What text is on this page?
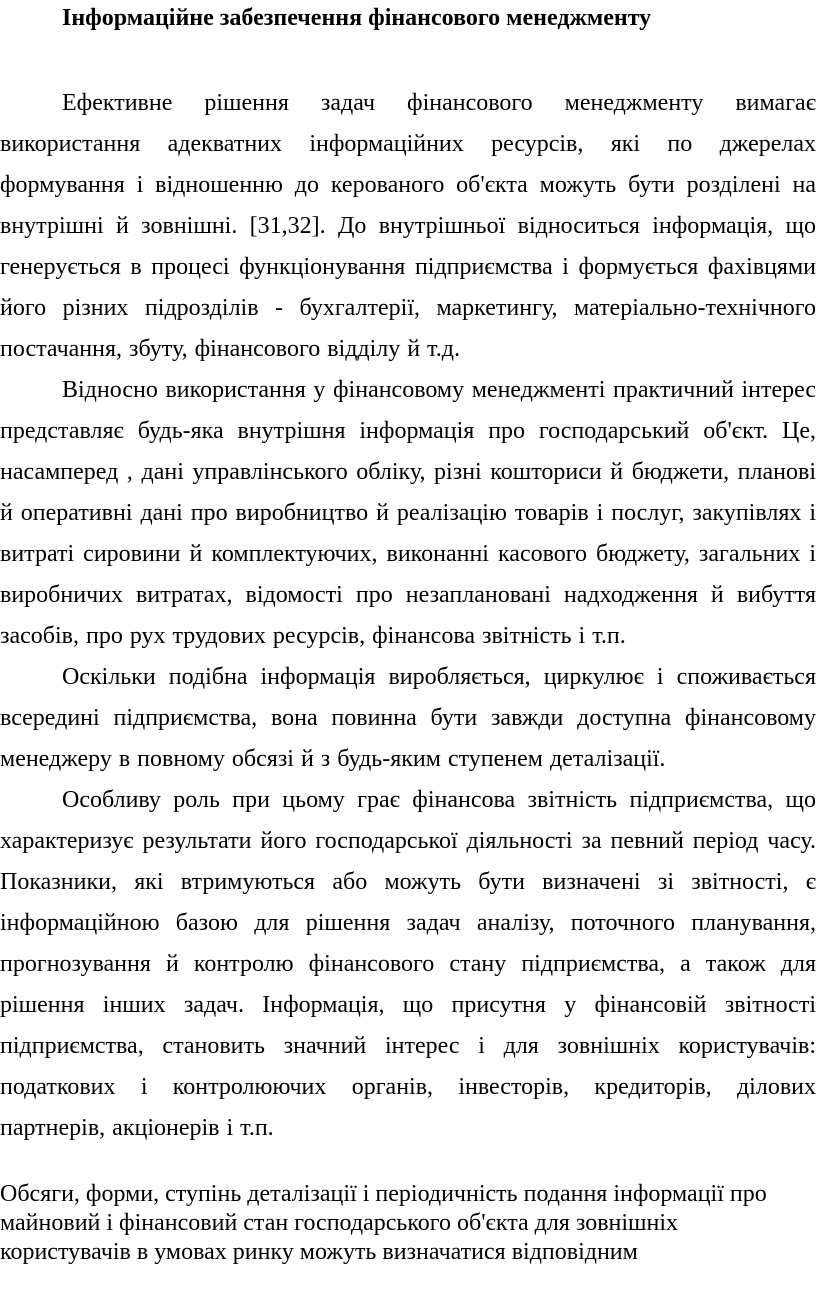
Інформаційне забезпечення фінансового менеджменту

Ефективне рішення задач фінансового менеджменту вимагає використання адекватних інформаційних ресурсів, які по джерелах формування і відношенню до керованого об'єкта можуть бути розділені на внутрішні й зовнішні. [31,32]. До внутрішньої відноситься інформація, що генерується в процесі функціонування підприємства і формується фахівцями його різних підрозділів - бухгалтерії, маркетингу, матеріально-технічного постачання, збуту, фінансового відділу й т.д.

Відносно використання у фінансовому менеджменті практичний інтерес представляє будь-яка внутрішня інформація про господарський об'єкт. Це, насамперед , дані управлінського обліку, різні кошториси й бюджети, планові й оперативні дані про виробництво й реалізацію товарів і послуг, закупівлях і витраті сировини й комплектуючих, виконанні касового бюджету, загальних і виробничих витратах, відомості про незаплановані надходження й вибуття засобів, про рух трудових ресурсів, фінансова звітність і т.п.

Оскільки подібна інформація виробляється, циркулює і споживається всередині підприємства, вона повинна бути завжди доступна фінансовому менеджеру в повному обсязі й з будь-яким ступенем деталізації.

Особливу роль при цьому грає фінансова звітність підприємства, що характеризує результати його господарської діяльності за певний період часу. Показники, які втримуються або можуть бути визначені зі звітності, є інформаційною базою для рішення задач аналізу, поточного планування, прогнозування й контролю фінансового стану підприємства, а також для рішення інших задач. Інформація, що присутня у фінансовій звітності підприємства, становить значний інтерес і для зовнішніх користувачів: податкових і контролюючих органів, інвесторів, кредиторів, ділових партнерів, акціонерів і т.п.

Обсяги, форми, ступінь деталізації і періодичність подання інформації про

майновий і фінансовий стан господарського об'єкта для зовнішніх

користувачів в умовах ринку можуть визначатися відповідним
